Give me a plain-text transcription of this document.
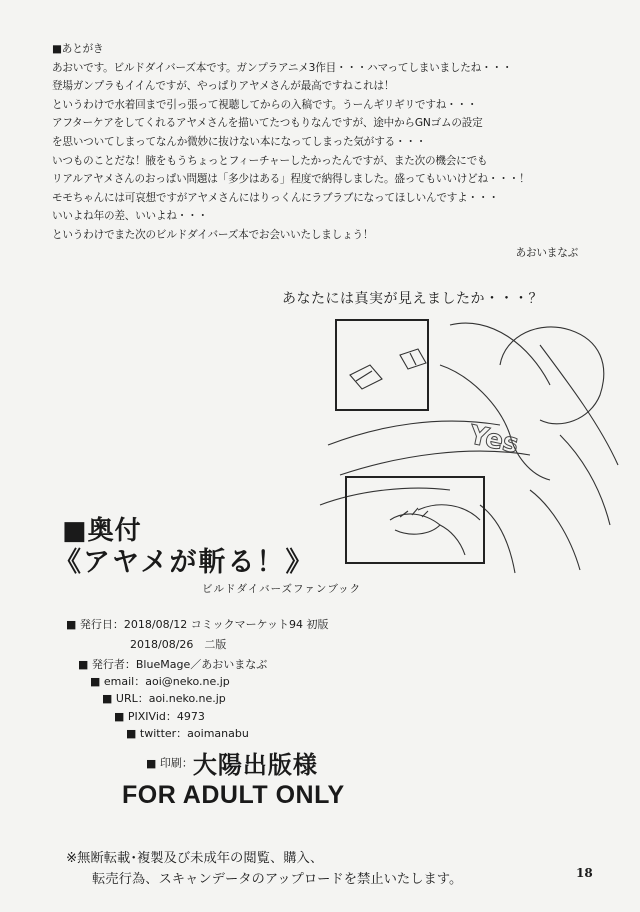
■あとがき
あおいです。ビルドダイバーズ本です。ガンプラアニメ3作目・・・ハマってしまいましたね・・・
登場ガンプラもイイんですが、やっぱりアヤメさんが最高ですねこれは！
というわけで水着回まで引っ張って視聴してからの入稿です。うーんギリギリですね・・・
アフターケアをしてくれるアヤメさんを描いてたつもりなんですが、途中からGNゴムの設定
を思いついてしまってなんか微妙に抜けない本になってしまった気がする・・・
いつものことだな！腋をもうちょっとフィーチャーしたかったんですが、また次の機会にでも
リアルアヤメさんのおっぱい問題は「多少はある」程度で納得しました。盛ってもいいけどね・・・！
モモちゃんには可哀想ですがアヤメさんにはりっくんにラブラブになってほしいんですよ・・・
いいよね年の差、いいよね・・・
というわけでまた次のビルドダイバーズ本でお会いいたしましょう！
あおいまなぶ
あなたには真実が見えましたか・・・？
Yes
■奥付
《アヤメが斬る！》
ビルドダイバーズファンブック
■ 発行日：2018/08/12 コミックマーケット94 初版
2018/08/26　二版
■ 発行者：BlueMage／あおいまなぶ
■ email：aoi@neko.ne.jp
■ URL：aoi.neko.ne.jp
■ PIXIVid：4973
■ twitter：aoimanabu
■ 印刷：大陽出版様
FOR ADULT ONLY
※無断転載･複製及び未成年の閲覧、購入、
転売行為、スキャンデータのアップロードを禁止いたします。	18
